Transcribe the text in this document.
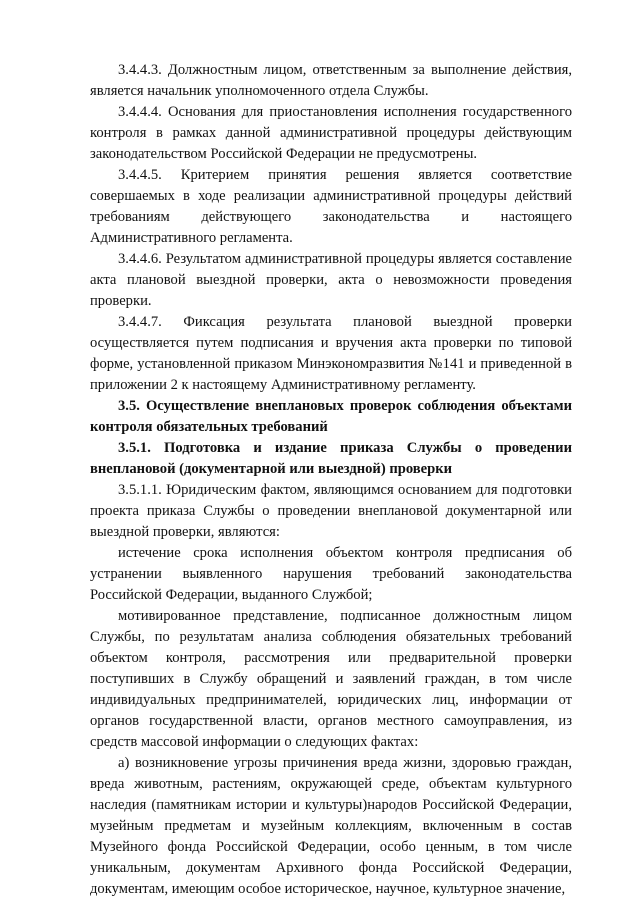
3.4.4.3. Должностным лицом, ответственным за выполнение действия, является начальник уполномоченного отдела Службы.

3.4.4.4. Основания для приостановления исполнения государственного контроля в рамках данной административной процедуры действующим законодательством Российской Федерации не предусмотрены.

3.4.4.5. Критерием принятия решения является соответствие совершаемых в ходе реализации административной процедуры действий требованиям действующего законодательства и настоящего Административного регламента.

3.4.4.6. Результатом административной процедуры является составление акта плановой выездной проверки, акта о невозможности проведения проверки.

3.4.4.7. Фиксация результата плановой выездной проверки осуществляется путем подписания и вручения акта проверки по типовой форме, установленной приказом Минэкономразвития №141 и приведенной в приложении 2 к настоящему Административному регламенту.

3.5. Осуществление внеплановых проверок соблюдения объектами контроля обязательных требований

3.5.1. Подготовка и издание приказа Службы о проведении внеплановой (документарной или выездной) проверки

3.5.1.1. Юридическим фактом, являющимся основанием для подготовки проекта приказа Службы о проведении внеплановой документарной или выездной проверки, являются:

истечение срока исполнения объектом контроля предписания об устранении выявленного нарушения требований законодательства Российской Федерации, выданного Службой;

мотивированное представление, подписанное должностным лицом Службы, по результатам анализа соблюдения обязательных требований объектом контроля, рассмотрения или предварительной проверки поступивших в Службу обращений и заявлений граждан, в том числе индивидуальных предпринимателей, юридических лиц, информации от органов государственной власти, органов местного самоуправления, из средств массовой информации о следующих фактах:

а) возникновение угрозы причинения вреда жизни, здоровью граждан, вреда животным, растениям, окружающей среде, объектам культурного наследия (памятникам истории и культуры)народов Российской Федерации, музейным предметам и музейным коллекциям, включенным в состав Музейного фонда Российской Федерации, особо ценным, в том числе уникальным, документам Архивного фонда Российской Федерации, документам, имеющим особое историческое, научное, культурное значение,
